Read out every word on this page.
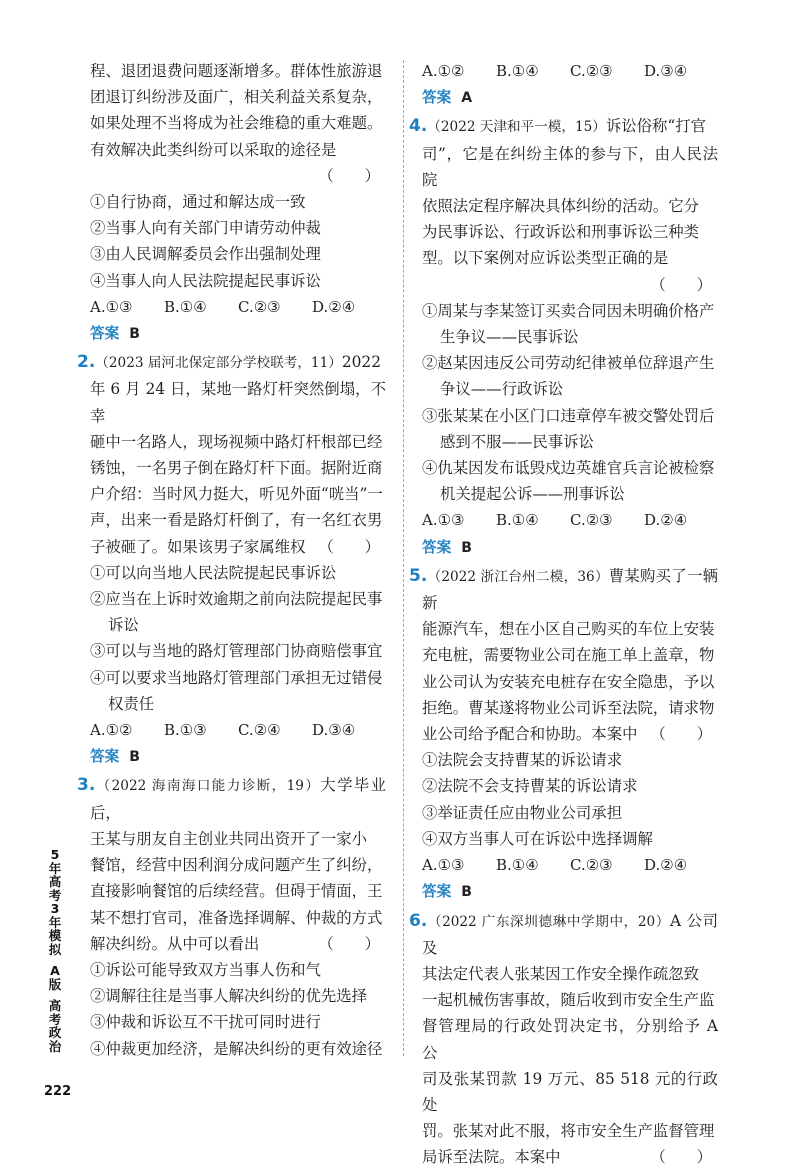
程、退团退费问题逐渐增多。群体性旅游退

团退订纠纷涉及面广，相关利益关系复杂，

如果处理不当将成为社会维稳的重大难题。

有效解决此类纠纷可以采取的途径是

（　　）

①自行协商，通过和解达成一致

②当事人向有关部门申请劳动仲裁

③由人民调解委员会作出强制处理

④当事人向人民法院提起民事诉讼

A.①③	B.①④	C.②③	D.②④

答案 B

2.（2023 届河北保定部分学校联考，11）2022

年 6 月 24 日，某地一路灯杆突然倒塌，不幸

砸中一名路人，现场视频中路灯杆根部已经

锈蚀，一名男子倒在路灯杆下面。据附近商

户介绍：当时风力挺大，听见外面“咣当”一

声，出来一看是路灯杆倒了，有一名红衣男

子被砸了。如果该男子家属维权 （　　）

①可以向当地人民法院提起民事诉讼

②应当在上诉时效逾期之前向法院提起民事诉讼

③可以与当地的路灯管理部门协商赔偿事宜

④可以要求当地路灯管理部门承担无过错侵权责任

A.①②	B.①③	C.②④	D.③④

答案 B

3.（2022 海南海口能力诊断，19）大学毕业后，

王某与朋友自主创业共同出资开了一家小

餐馆，经营中因利润分成问题产生了纠纷，

直接影响餐馆的后续经营。但碍于情面，王

某不想打官司，准备选择调解、仲裁的方式

解决纠纷。从中可以看出	（　　）

①诉讼可能导致双方当事人伤和气

②调解往往是当事人解决纠纷的优先选择

③仲裁和诉讼互不干扰可同时进行

④仲裁更加经济，是解决纠纷的更有效途径

A.①②	B.①④	C.②③	D.③④

答案 A

4.（2022 天津和平一模，15）诉讼俗称“打官

司”，它是在纠纷主体的参与下，由人民法院

依照法定程序解决具体纠纷的活动。它分

为民事诉讼、行政诉讼和刑事诉讼三种类

型。以下案例对应诉讼类型正确的是

（　　）

①周某与李某签订买卖合同因未明确价格产生争议——民事诉讼

②赵某因违反公司劳动纪律被单位辞退产生争议——行政诉讼

③张某某在小区门口违章停车被交警处罚后感到不服——民事诉讼

④仇某因发布诋毁戍边英雄官兵言论被检察机关提起公诉——刑事诉讼

A.①③	B.①④	C.②③	D.②④

答案 B

5.（2022 浙江台州二模，36）曹某购买了一辆新

能源汽车，想在小区自己购买的车位上安装

充电桩，需要物业公司在施工单上盖章，物

业公司认为安装充电桩存在安全隐患，予以

拒绝。曹某遂将物业公司诉至法院，请求物

业公司给予配合和协助。本案中 （　　）

①法院会支持曹某的诉讼请求

②法院不会支持曹某的诉讼请求

③举证责任应由物业公司承担

④双方当事人可在诉讼中选择调解

A.①③	B.①④	C.②③	D.②④

答案 B

6.（2022 广东深圳德琳中学期中，20）A 公司及

其法定代表人张某因工作安全操作疏忽致

一起机械伤害事故，随后收到市安全生产监

督管理局的行政处罚决定书，分别给予 A 公

司及张某罚款 19 万元、85 518 元的行政处

罚。张某对此不服，将市安全生产监督管理

局诉至法院。本案中	（　　）

5
年
高
考
3
年
模
拟
A
版
高
考
政
治
222
